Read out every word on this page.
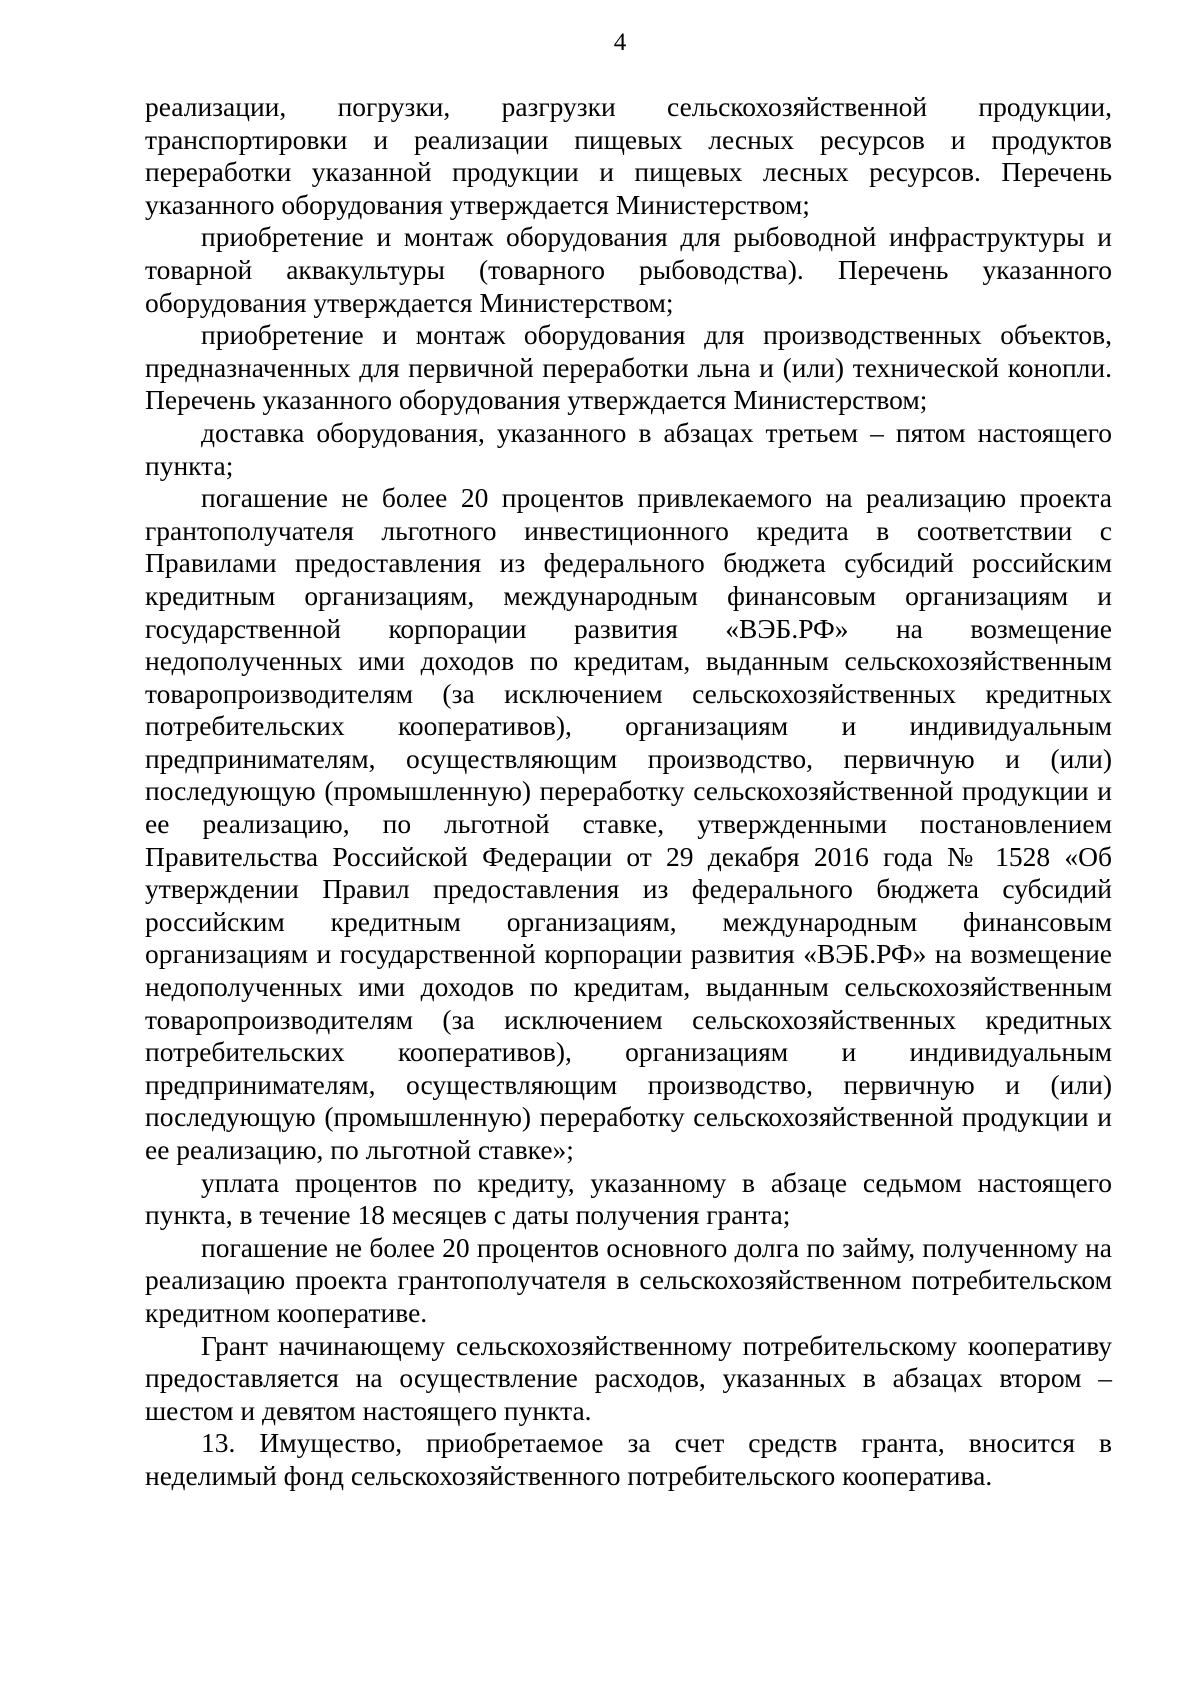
4

реализации, погрузки, разгрузки сельскохозяйственной продукции, транспортировки и реализации пищевых лесных ресурсов и продуктов переработки указанной продукции и пищевых лесных ресурсов. Перечень указанного оборудования утверждается Министерством;

приобретение и монтаж оборудования для рыбоводной инфраструктуры и товарной аквакультуры (товарного рыбоводства). Перечень указанного оборудования утверждается Министерством;

приобретение и монтаж оборудования для производственных объектов, предназначенных для первичной переработки льна и (или) технической конопли. Перечень указанного оборудования утверждается Министерством;

доставка оборудования, указанного в абзацах третьем – пятом настоящего пункта;

погашение не более 20 процентов привлекаемого на реализацию проекта грантополучателя льготного инвестиционного кредита в соответствии с Правилами предоставления из федерального бюджета субсидий российским кредитным организациям, международным финансовым организациям и государственной корпорации развития «ВЭБ.РФ» на возмещение недополученных ими доходов по кредитам, выданным сельскохозяйственным товаропроизводителям (за исключением сельскохозяйственных кредитных потребительских кооперативов), организациям и индивидуальным предпринимателям, осуществляющим производство, первичную и (или) последующую (промышленную) переработку сельскохозяйственной продукции и ее реализацию, по льготной ставке, утвержденными постановлением Правительства Российской Федерации от 29 декабря 2016 года № 1528 «Об утверждении Правил предоставления из федерального бюджета субсидий российским кредитным организациям, международным финансовым организациям и государственной корпорации развития «ВЭБ.РФ» на возмещение недополученных ими доходов по кредитам, выданным сельскохозяйственным товаропроизводителям (за исключением сельскохозяйственных кредитных потребительских кооперативов), организациям и индивидуальным предпринимателям, осуществляющим производство, первичную и (или) последующую (промышленную) переработку сельскохозяйственной продукции и ее реализацию, по льготной ставке»;

уплата процентов по кредиту, указанному в абзаце седьмом настоящего пункта, в течение 18 месяцев с даты получения гранта;

погашение не более 20 процентов основного долга по займу, полученному на реализацию проекта грантополучателя в сельскохозяйственном потребительском кредитном кооперативе.

Грант начинающему сельскохозяйственному потребительскому кооперативу предоставляется на осуществление расходов, указанных в абзацах втором – шестом и девятом настоящего пункта.

13. Имущество, приобретаемое за счет средств гранта, вносится в неделимый фонд сельскохозяйственного потребительского кооператива.
